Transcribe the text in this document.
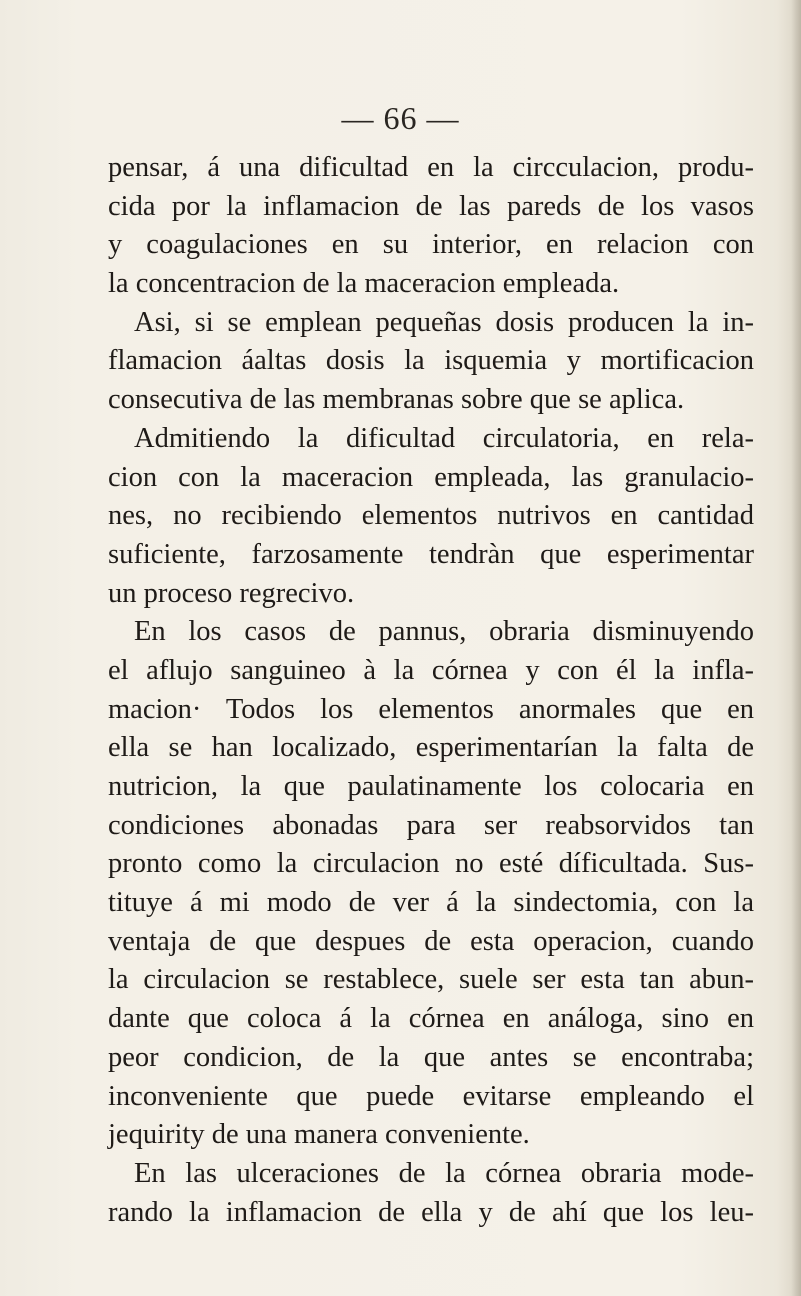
— 66 —
pensar, á una dificultad en la circculacion, produ-
cida por la inflamacion de las pareds de los vasos
y coagulaciones en su interior, en relacion con
la concentracion de la maceracion empleada.
Asi, si se emplean pequeñas dosis producen la in-
flamacion áaltas dosis la isquemia y mortificacion
consecutiva de las membranas sobre que se aplica.
Admitiendo la dificultad circulatoria, en rela-
cion con la maceracion empleada, las granulacio-
nes, no recibiendo elementos nutrivos en cantidad
suficiente, farzosamente tendràn que esperimentar
un proceso regrecivo.
En los casos de pannus, obraria disminuyendo
el aflujo sanguineo à la córnea y con él la infla-
macion· Todos los elementos anormales que en
ella se han localizado, esperimentarían la falta de
nutricion, la que paulatinamente los colocaria en
condiciones abonadas para ser reabsorvidos tan
pronto como la circulacion no esté díficultada. Sus-
tituye á mi modo de ver á la sindectomia, con la
ventaja de que despues de esta operacion, cuando
la circulacion se restablece, suele ser esta tan abun-
dante que coloca á la córnea en análoga, sino en
peor condicion, de la que antes se encontraba;
inconveniente que puede evitarse empleando el
jequirity de una manera conveniente.
En las ulceraciones de la córnea obraria mode-
rando la inflamacion de ella y de ahí que los leu-
